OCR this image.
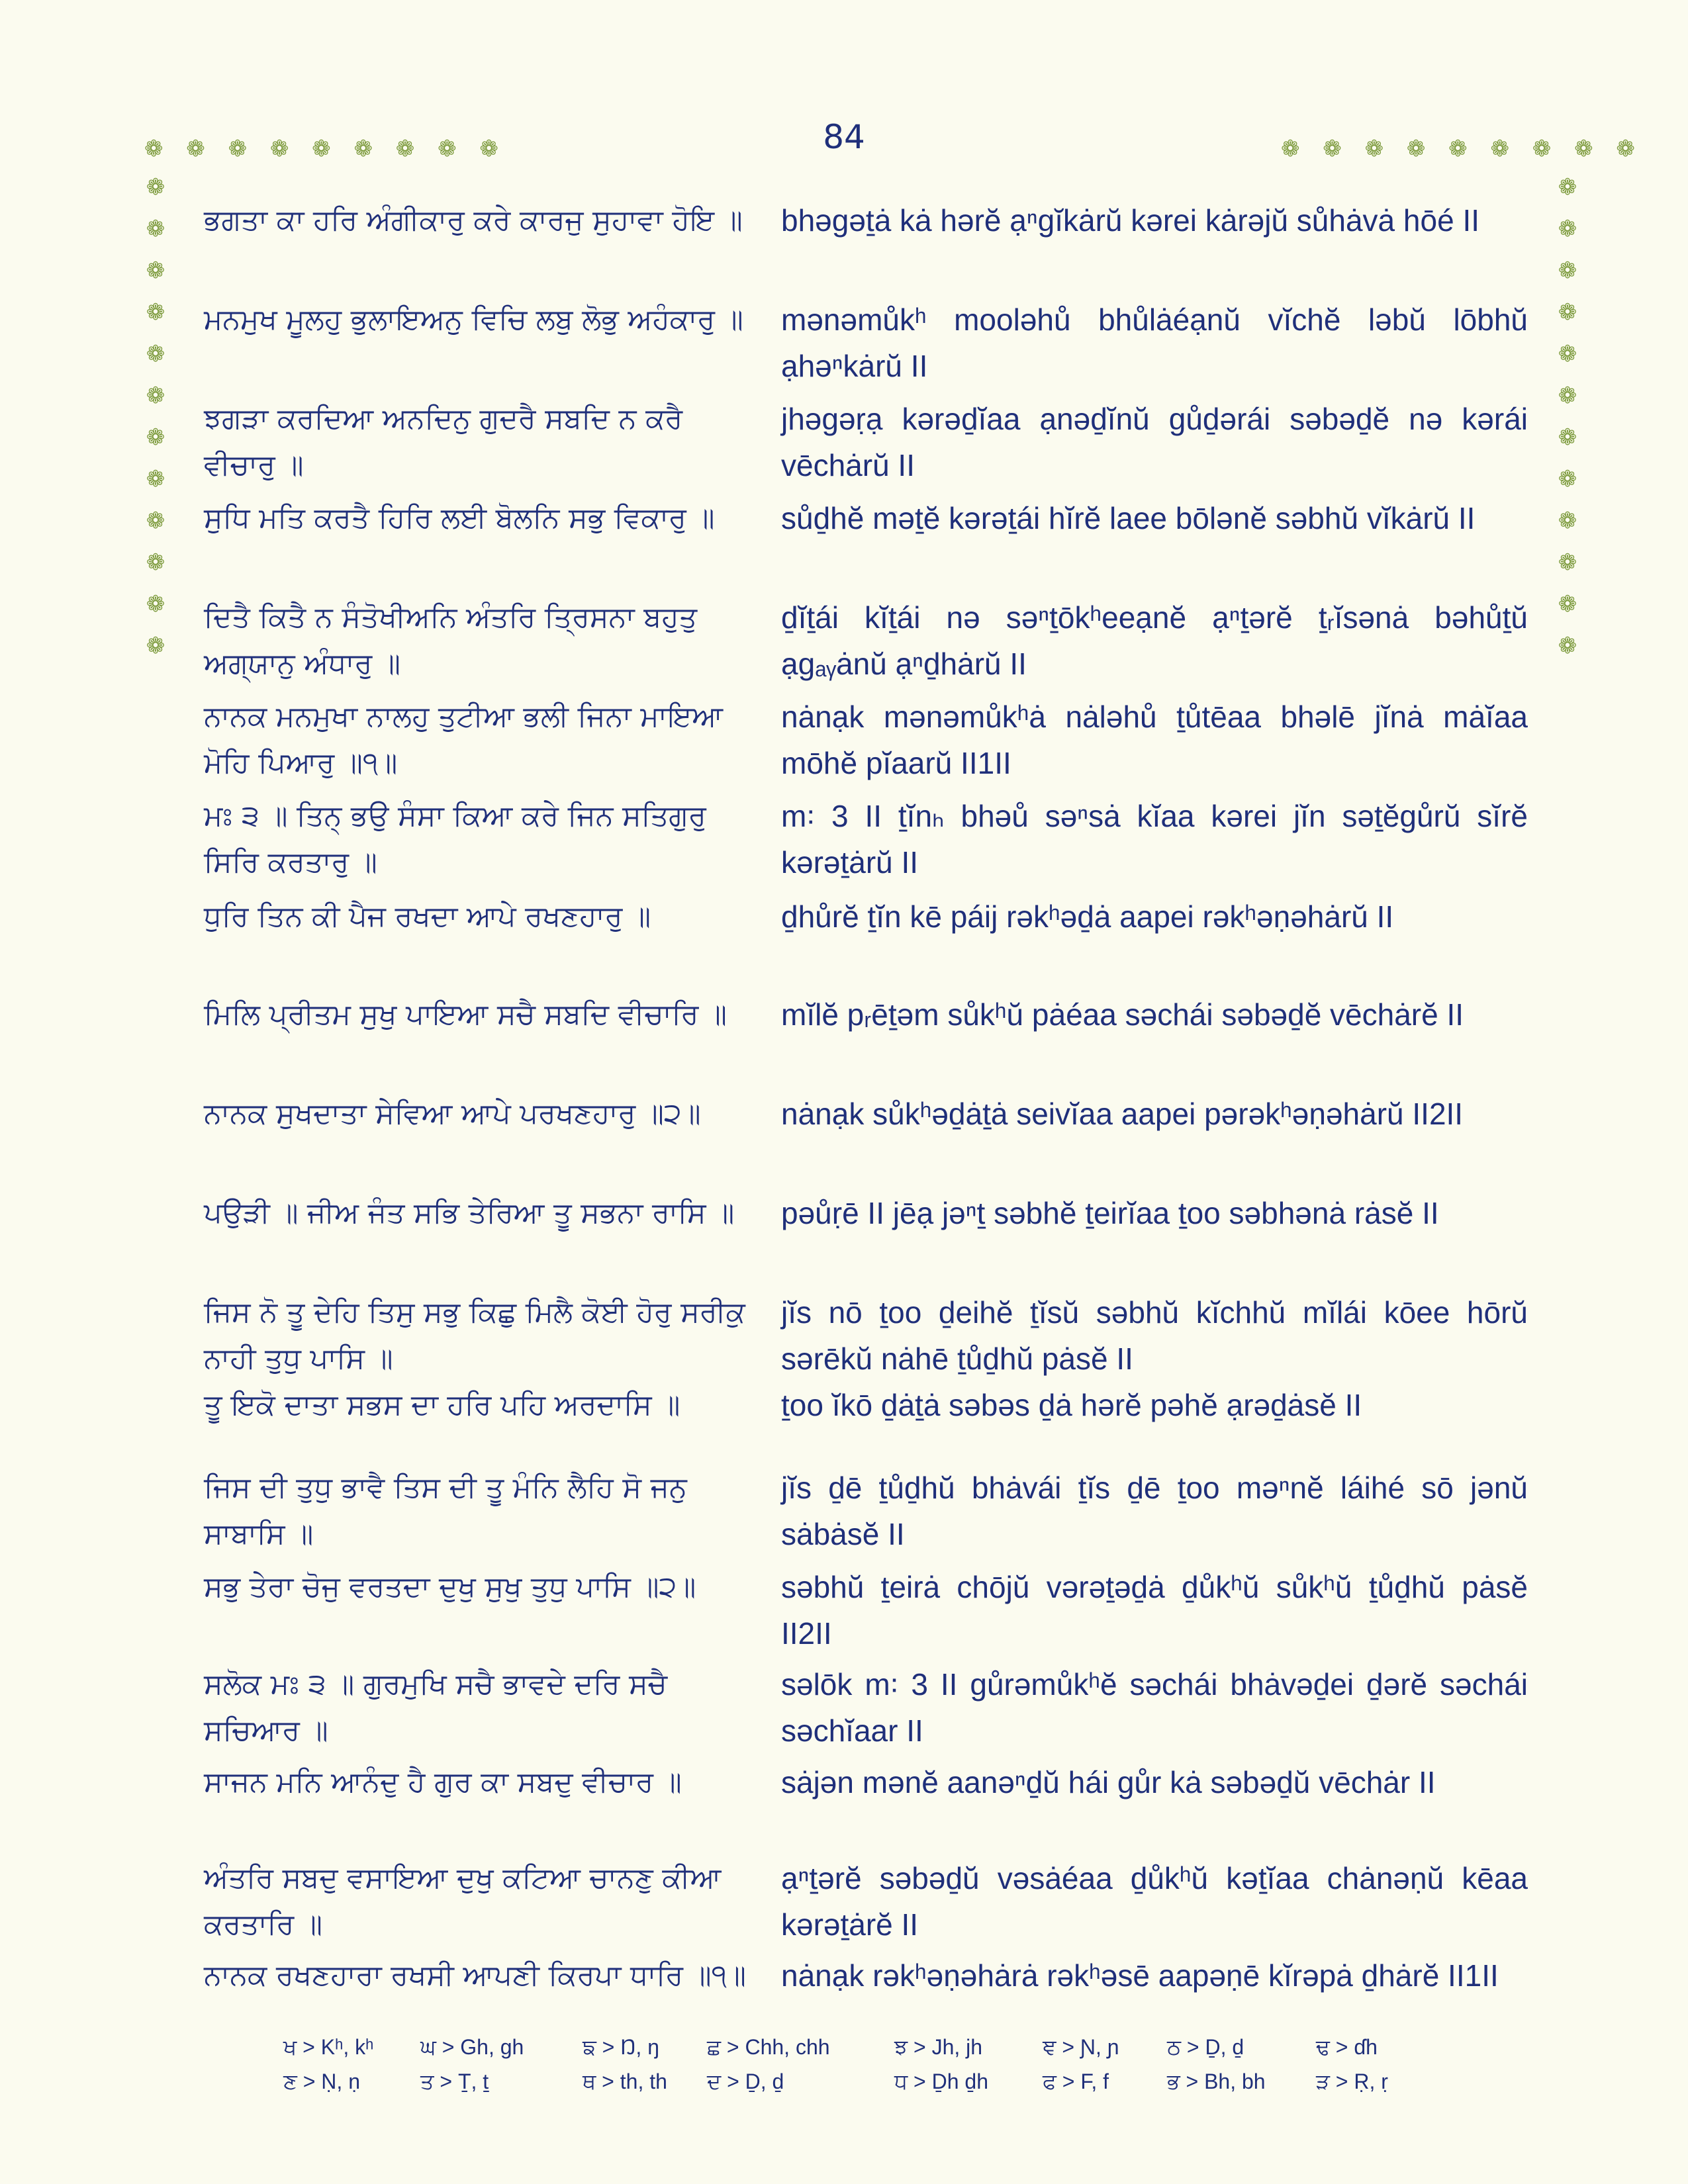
84
❁ ❁ ❁ ❁ ❁ ❁ ❁ ❁ ❁	❁ ❁ ❁ ❁ ❁ ❁ ❁ ❁ ❁
❁
❁
❁
❁
❁
❁
❁
❁
❁
❁
❁
❁
❁
❁
❁
❁
❁
❁
❁
❁
❁
❁
❁
❁
ਭਗਤਾ ਕਾ ਹਰਿ ਅੰਗੀਕਾਰੁ ਕਰੇ ਕਾਰਜੁ ਸੁਹਾਵਾ ਹੋਇ ॥	bhəgəṯȧ kȧ hərĕ ạⁿgĭkȧrŭ kərei kȧrəjŭ sůhȧvȧ hōé II
ਮਨਮੁਖ ਮੂਲਹੁ ਭੁਲਾਇਅਨੁ ਵਿਚਿ ਲਬੁ ਲੋਭੁ ਅਹੰਕਾਰੁ ॥	mənəmůkʰ mooləhů bhůlȧéạnŭ vĭchĕ ləbŭ lōbhŭ ạhəⁿkȧrŭ II
ਝਗੜਾ ਕਰਦਿਆ ਅਨਦਿਨੁ ਗੁਦਰੈ ਸਬਦਿ ਨ ਕਰੈ ਵੀਚਾਰੁ ॥
jhəgəṛạ kərəḏĭaa ạnəḏĭnŭ gůḏərái səbəḏĕ nə kərái vēchȧrŭ II
ਸੁਧਿ ਮਤਿ ਕਰਤੈ ਹਿਰਿ ਲਈ ਬੋਲਨਿ ਸਭੁ ਵਿਕਾਰੁ ॥	sůḏhĕ məṯĕ kərəṯái hĭrĕ laee bōlənĕ səbhŭ vĭkȧrŭ II
ਦਿਤੈ ਕਿਤੈ ਨ ਸੰਤੋਖੀਅਨਿ ਅੰਤਰਿ ਤ੍ਰਿਸਨਾ ਬਹੁਤੁ ਅਗ੍ਯਾਨੁ ਅੰਧਾਰੁ ॥
ḏĭṯái kĭṯái nə səⁿṯōkʰeeạnĕ ạⁿṯərĕ ṯᵣĭsənȧ bəhůṯŭ ạgₐᵧȧnŭ ạⁿḏhȧrŭ II
ਨਾਨਕ ਮਨਮੁਖਾ ਨਾਲਹੁ ਤੁਟੀਆ ਭਲੀ ਜਿਨਾ ਮਾਇਆ ਮੋਹਿ ਪਿਆਰੁ ॥੧॥
nȧnạk mənəmůkʰȧ nȧləhů ṯůtēaa bhəlē jĭnȧ mȧĭaa mōhĕ pĭaarŭ II1II
ਮਃ ੩ ॥ ਤਿਨ੍ ਭਉ ਸੰਸਾ ਕਿਆ ਕਰੇ ਜਿਨ ਸਤਿਗੁਰੁ ਸਿਰਿ ਕਰਤਾਰੁ ॥
m꞉ 3 II ṯĭnₕ bhəů səⁿsȧ kĭaa kərei jĭn səṯĕgůrŭ sĭrĕ kərəṯȧrŭ II
ਧੁਰਿ ਤਿਨ ਕੀ ਪੈਜ ਰਖਦਾ ਆਪੇ ਰਖਣਹਾਰੁ ॥	ḏhůrĕ ṯĭn kē páij rəkʰəḏȧ aapei rəkʰəṇəhȧrŭ II
ਮਿਲਿ ਪ੍ਰੀਤਮ ਸੁਖੁ ਪਾਇਆ ਸਚੈ ਸਬਦਿ ਵੀਚਾਰਿ ॥	mĭlĕ pᵣēṯəm sůkʰŭ pȧéaa səchái səbəḏĕ vēchȧrĕ II
ਨਾਨਕ ਸੁਖਦਾਤਾ ਸੇਵਿਆ ਆਪੇ ਪਰਖਣਹਾਰੁ ॥੨॥	nȧnạk sůkʰəḏȧṯȧ seivĭaa aapei pərəkʰəṇəhȧrŭ II2II
ਪਉੜੀ ॥ ਜੀਅ ਜੰਤ ਸਭਿ ਤੇਰਿਆ ਤੂ ਸਭਨਾ ਰਾਸਿ ॥	pəůṛē II jēạ jəⁿṯ səbhĕ ṯeirĭaa ṯoo səbhənȧ rȧsĕ II
ਜਿਸ ਨੋ ਤੂ ਦੇਹਿ ਤਿਸੁ ਸਭੁ ਕਿਛੁ ਮਿਲੈ ਕੋਈ ਹੋਰੁ ਸਰੀਕੁ ਨਾਹੀ ਤੁਧੁ ਪਾਸਿ ॥
jĭs nō ṯoo ḏeihĕ ṯĭsŭ səbhŭ kĭchhŭ mĭlái kōee hōrŭ sərēkŭ nȧhē ṯůḏhŭ pȧsĕ II
ਤੂ ਇਕੋ ਦਾਤਾ ਸਭਸ ਦਾ ਹਰਿ ਪਹਿ ਅਰਦਾਸਿ ॥	ṯoo ĭkō ḏȧṯȧ səbəs ḏȧ hərĕ pəhĕ ạrəḏȧsĕ II
ਜਿਸ ਦੀ ਤੁਧੁ ਭਾਵੈ ਤਿਸ ਦੀ ਤੂ ਮੰਨਿ ਲੈਹਿ ਸੋ ਜਨੁ ਸਾਬਾਸਿ ॥
jĭs ḏē ṯůḏhŭ bhȧvái ṯĭs ḏē ṯoo məⁿnĕ láihé sō jənŭ sȧbȧsĕ II
ਸਭੁ ਤੇਰਾ ਚੋਜੁ ਵਰਤਦਾ ਦੁਖੁ ਸੁਖੁ ਤੁਧੁ ਪਾਸਿ ॥੨॥	səbhŭ ṯeirȧ chōjŭ vərəṯəḏȧ ḏůkʰŭ sůkʰŭ ṯůḏhŭ pȧsĕ II2II
ਸਲੋਕ ਮਃ ੩ ॥ ਗੁਰਮੁਖਿ ਸਚੈ ਭਾਵਦੇ ਦਰਿ ਸਚੈ ਸਚਿਆਰ ॥
səlōk m꞉ 3 II gůrəmůkʰĕ səchái bhȧvəḏei ḏərĕ səchái səchĭaar II
ਸਾਜਨ ਮਨਿ ਆਨੰਦੁ ਹੈ ਗੁਰ ਕਾ ਸਬਦੁ ਵੀਚਾਰ ॥	sȧjən mənĕ aanəⁿḏŭ hái gůr kȧ səbəḏŭ vēchȧr II
ਅੰਤਰਿ ਸਬਦੁ ਵਸਾਇਆ ਦੁਖੁ ਕਟਿਆ ਚਾਨਣੁ ਕੀਆ ਕਰਤਾਰਿ ॥
ạⁿṯərĕ səbəḏŭ vəsȧéaa ḏůkʰŭ kəṯĭaa chȧnəṇŭ kēaa kərəṯȧrĕ II
ਨਾਨਕ ਰਖਣਹਾਰਾ ਰਖਸੀ ਆਪਣੀ ਕਿਰਪਾ ਧਾਰਿ ॥੧॥ nȧnạk rəkʰəṇəhȧrȧ rəkʰəsē aapəṇē kĭrəpȧ ḏhȧrĕ II1II
ਖ > Kʰ, kʰ ਘ > Gh, gh	ਙ > Ŋ, ŋ ਛ > Chh, chh	ਝ > Jh, jh	ਞ > Ɲ, ɲ ਠ > Ḏ, ḏ	ਢ > ɗh
ਣ > Ṇ, ṇ	ਤ > Ṯ, ṯ	ਥ > th, th ਦ > Ḏ, ḏ	ਧ > Ḏh ḏh	ਫ > F, f	ਭ > Bh, bh ੜ > Ṛ, ṛ
